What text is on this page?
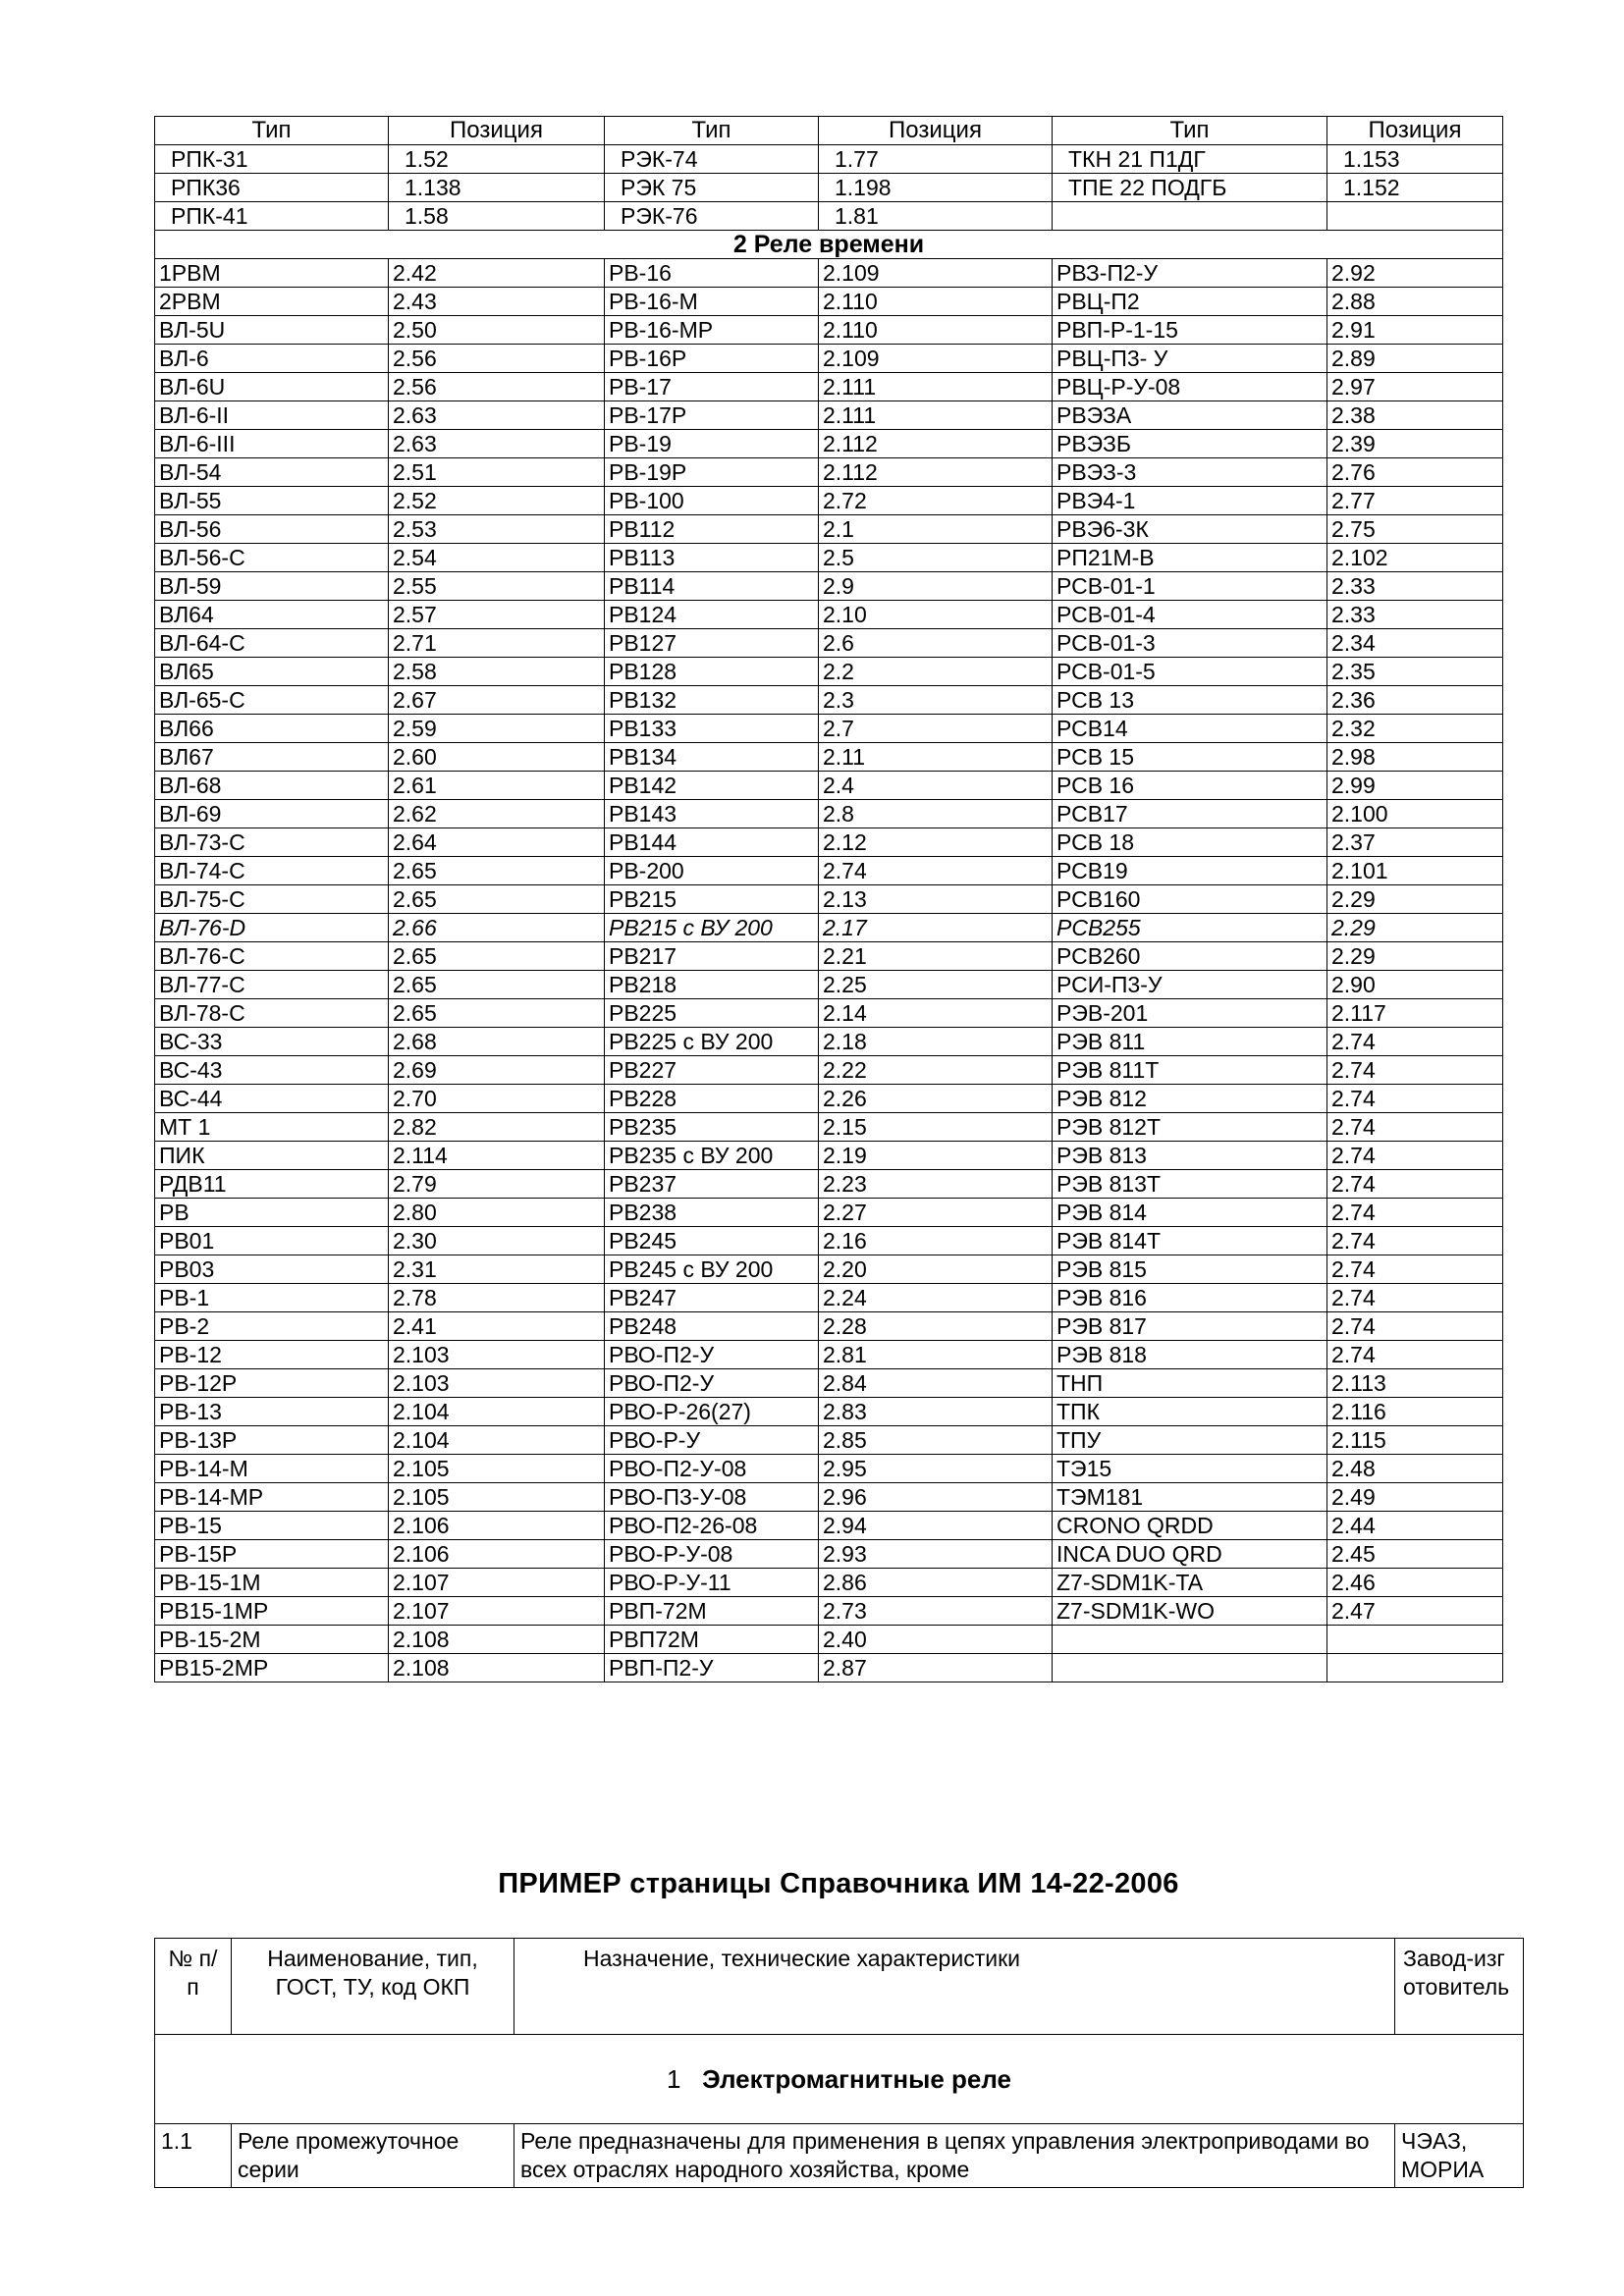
Тип	Позиция	Тип	Позиция	Тип	Позиция
РПК-31	1.52	РЭК-74	1.77	ТКН 21 П1ДГ	1.153
РПК36	1.138	РЭК 75	1.198	ТПЕ 22 ПОДГБ	1.152
РПК-41	1.58	РЭК-76	1.81		
2 Реле времени					
1РВМ	2.42	РВ-16	2.109	РВЗ-П2-У	2.92
2РВМ	2.43	РВ-16-М	2.110	РВЦ-П2	2.88
ВЛ-5U	2.50	РВ-16-МР	2.110	РВП-Р-1-15	2.91
ВЛ-6	2.56	РВ-16Р	2.109	РВЦ-П3- У	2.89
ВЛ-6U	2.56	РВ-17	2.111	РВЦ-Р-У-08	2.97
ВЛ-6-II	2.63	РВ-17Р	2.111	РВЭЗА	2.38
ВЛ-6-III	2.63	РВ-19	2.112	РВЭЗБ	2.39
ВЛ-54	2.51	РВ-19Р	2.112	РВЭЗ-3	2.76
ВЛ-55	2.52	РВ-100	2.72	РВЭ4-1	2.77
ВЛ-56	2.53	РВ112	2.1	РВЭ6-3К	2.75
ВЛ-56-С	2.54	РВ113	2.5	РП21М-В	2.102
ВЛ-59	2.55	РВ114	2.9	РСВ-01-1	2.33
ВЛ64	2.57	РВ124	2.10	РСВ-01-4	2.33
ВЛ-64-С	2.71	РВ127	2.6	РСВ-01-3	2.34
ВЛ65	2.58	РВ128	2.2	РСВ-01-5	2.35
ВЛ-65-С	2.67	РВ132	2.3	РСВ 13	2.36
ВЛ66	2.59	РВ133	2.7	РСВ14	2.32
ВЛ67	2.60	РВ134	2.11	РСВ 15	2.98
ВЛ-68	2.61	РВ142	2.4	РСВ 16	2.99
ВЛ-69	2.62	РВ143	2.8	РСВ17	2.100
ВЛ-73-С	2.64	РВ144	2.12	РСВ 18	2.37
ВЛ-74-С	2.65	РВ-200	2.74	РСВ19	2.101
ВЛ-75-С	2.65	РВ215	2.13	РСВ160	2.29
ВЛ-76-D	2.66	РВ215 с ВУ 200	2.17	РСВ255	2.29
ВЛ-76-С	2.65	РВ217	2.21	РСВ260	2.29
ВЛ-77-С	2.65	РВ218	2.25	РСИ-П3-У	2.90
ВЛ-78-С	2.65	РВ225	2.14	РЭВ-201	2.117
ВС-33	2.68	РВ225 с ВУ 200	2.18	РЭВ 811	2.74
ВС-43	2.69	РВ227	2.22	РЭВ 811Т	2.74
ВС-44	2.70	РВ228	2.26	РЭВ 812	2.74
МТ 1	2.82	РВ235	2.15	РЭВ 812Т	2.74
ПИК	2.114	РВ235 с ВУ 200	2.19	РЭВ 813	2.74
РДВ11	2.79	РВ237	2.23	РЭВ 813Т	2.74
РВ	2.80	РВ238	2.27	РЭВ 814	2.74
РВ01	2.30	РВ245	2.16	РЭВ 814Т	2.74
РВ03	2.31	РВ245 с ВУ 200	2.20	РЭВ 815	2.74
РВ-1	2.78	РВ247	2.24	РЭВ 816	2.74
РВ-2	2.41	РВ248	2.28	РЭВ 817	2.74
РВ-12	2.103	РВО-П2-У	2.81	РЭВ 818	2.74
РВ-12Р	2.103	РВО-П2-У	2.84	ТНП	2.113
РВ-13	2.104	РВО-Р-26(27)	2.83	ТПК	2.116
РВ-13Р	2.104	РВО-Р-У	2.85	ТПУ	2.115
РВ-14-М	2.105	РВО-П2-У-08	2.95	ТЭ15	2.48
РВ-14-МР	2.105	РВО-П3-У-08	2.96	ТЭМ181	2.49
РВ-15	2.106	РВО-П2-26-08	2.94	CRONO QRDD	2.44
РВ-15Р	2.106	РВО-Р-У-08	2.93	INCA DUO QRD	2.45
РВ-15-1М	2.107	РВО-Р-У-11	2.86	Z7-SDM1K-TA	2.46
РВ15-1МР	2.107	РВП-72М	2.73	Z7-SDM1K-WO	2.47
РВ-15-2М	2.108	РВП72М	2.40		
РВ15-2МР	2.108	РВП-П2-У	2.87		
ПРИМЕР страницы Справочника ИМ 14-22-2006
№ п/п	Наименование, тип, ГОСТ, ТУ, код ОКП	Назначение, технические характеристики	Завод-изготовитель
1 Электромагнитные реле			
1.1	Реле промежуточное серии	Реле предназначены для применения в цепях управления электроприводами во всех отраслях народного хозяйства, кроме	ЧЭАЗ, МОРИА
